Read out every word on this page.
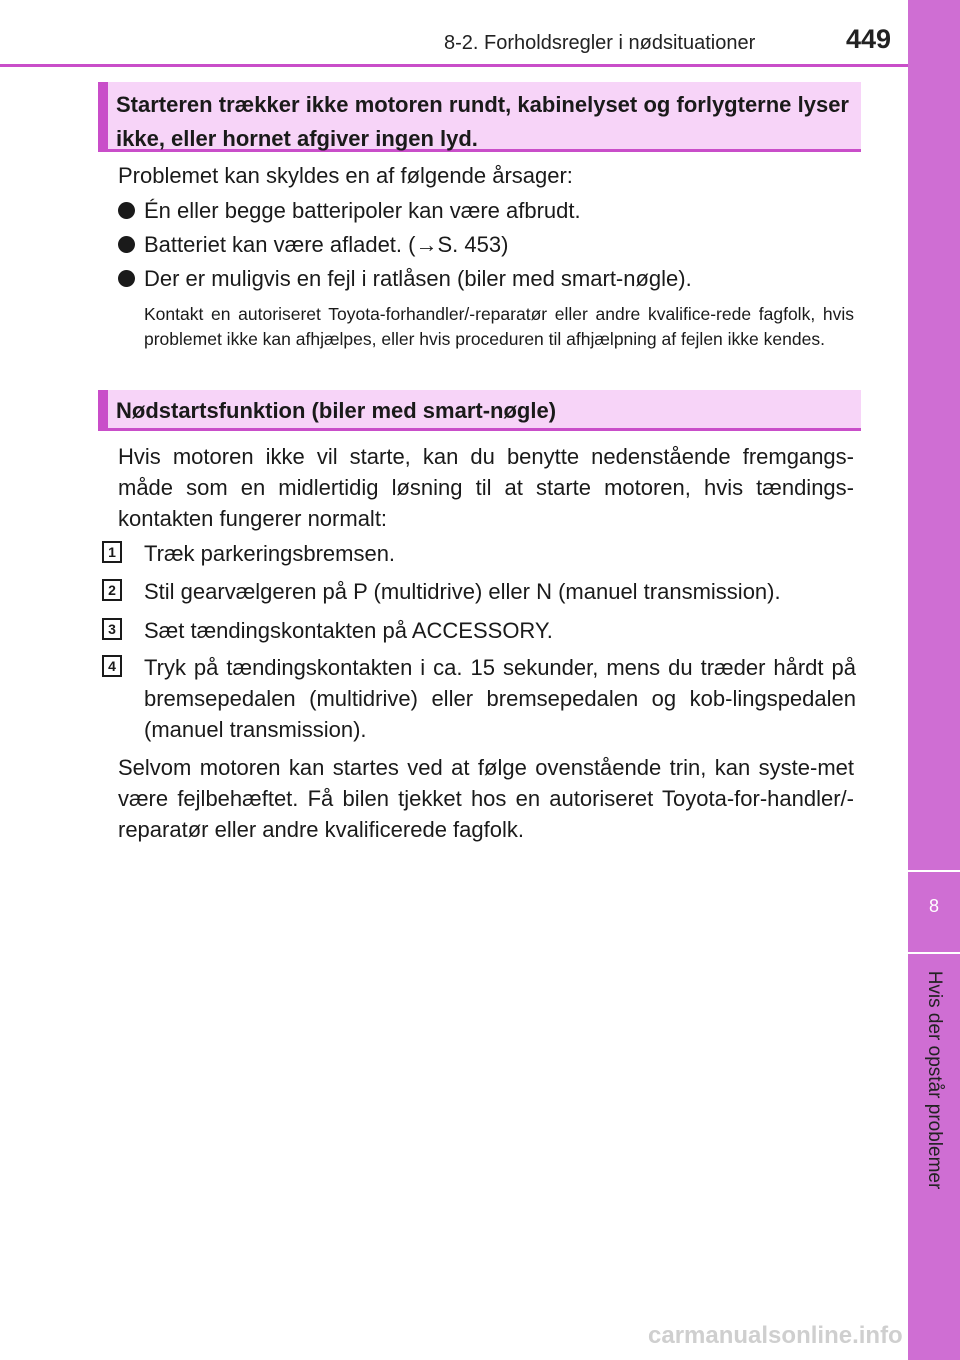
8-2. Forholdsregler i nødsituationer	449
8
Hvis der opstår problemer
Starteren trækker ikke motoren rundt, kabinelyset og forlygterne lyser ikke, eller hornet afgiver ingen lyd.

Problemet kan skyldes en af følgende årsager:

Én eller begge batteripoler kan være afbrudt.
Batteriet kan være afladet. (→S. 453)
Der er muligvis en fejl i ratlåsen (biler med smart-nøgle).

Kontakt en autoriseret Toyota-forhandler/-reparatør eller andre kvalifice-rede fagfolk, hvis problemet ikke kan afhjælpes, eller hvis proceduren til afhjælpning af fejlen ikke kendes.

Nødstartsfunktion (biler med smart-nøgle)

Hvis motoren ikke vil starte, kan du benytte nedenstående fremgangs-måde som en midlertidig løsning til at starte motoren, hvis tændings-kontakten fungerer normalt:

1 Træk parkeringsbremsen.

2 Stil gearvælgeren på P (multidrive) eller N (manuel transmission).

3 Sæt tændingskontakten på ACCESSORY.

4 Tryk på tændingskontakten i ca. 15 sekunder, mens du træder hårdt på bremsepedalen (multidrive) eller bremsepedalen og kob-lingspedalen (manuel transmission).

Selvom motoren kan startes ved at følge ovenstående trin, kan syste-met være fejlbehæftet. Få bilen tjekket hos en autoriseret Toyota-for-handler/-reparatør eller andre kvalificerede fagfolk.

carmanualsonline.info
